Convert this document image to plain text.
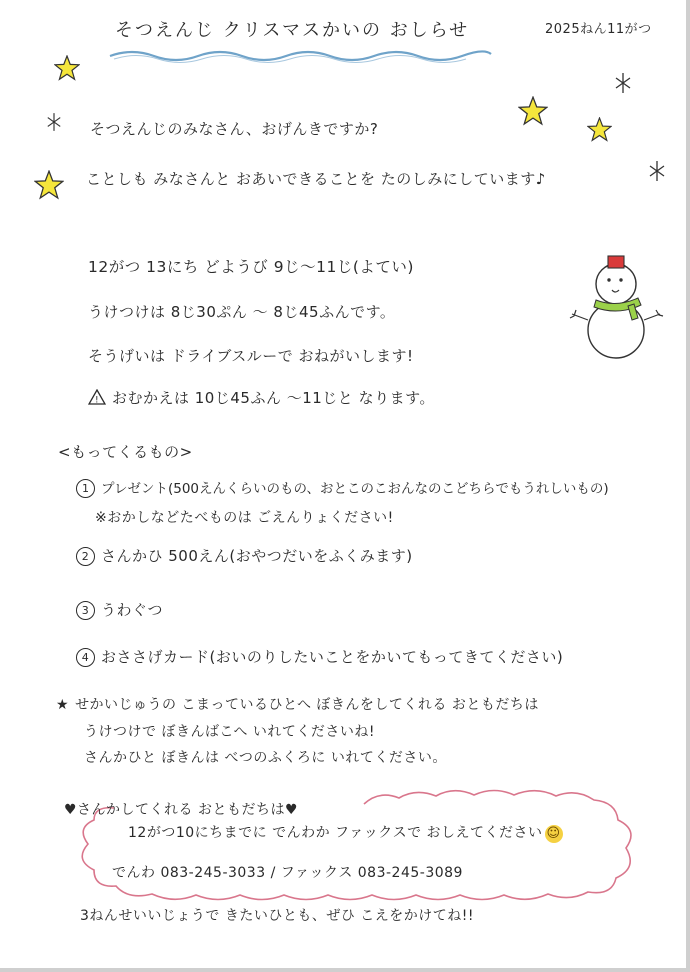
そつえんじ クリスマスかいの おしらせ	2025ねん11がつ
そつえんじのみなさん、おげんきですか?
ことしも みなさんと おあいできることを たのしみにしています♪
12がつ 13にち どようび 9じ〜11じ(よてい)
うけつけは 8じ30ぷん 〜 8じ45ふんです。
そうげいは ドライブスルーで おねがいします!
! おむかえは 10じ45ふん 〜11じと なります。
<もってくるもの>
1 プレゼント(500えんくらいのもの、おとこのこおんなのこどちらでもうれしいもの)
※おかしなどたべものは ごえんりょください!
2 さんかひ 500えん(おやつだいをふくみます)
3 うわぐつ
4 おささげカード(おいのりしたいことをかいてもってきてください)
★ せかいじゅうの こまっているひとへ ぼきんをしてくれる おともだちは
うけつけで ぼきんばこへ いれてくださいね!
さんかひと ぼきんは べつのふくろに いれてください。
♥さんかしてくれる おともだちは♥
12がつ10にちまでに でんわか ファックスで おしえてください ☺
でんわ 083-245-3033 / ファックス 083-245-3089
3ねんせいいじょうで きたいひとも、ぜひ こえをかけてね!!
